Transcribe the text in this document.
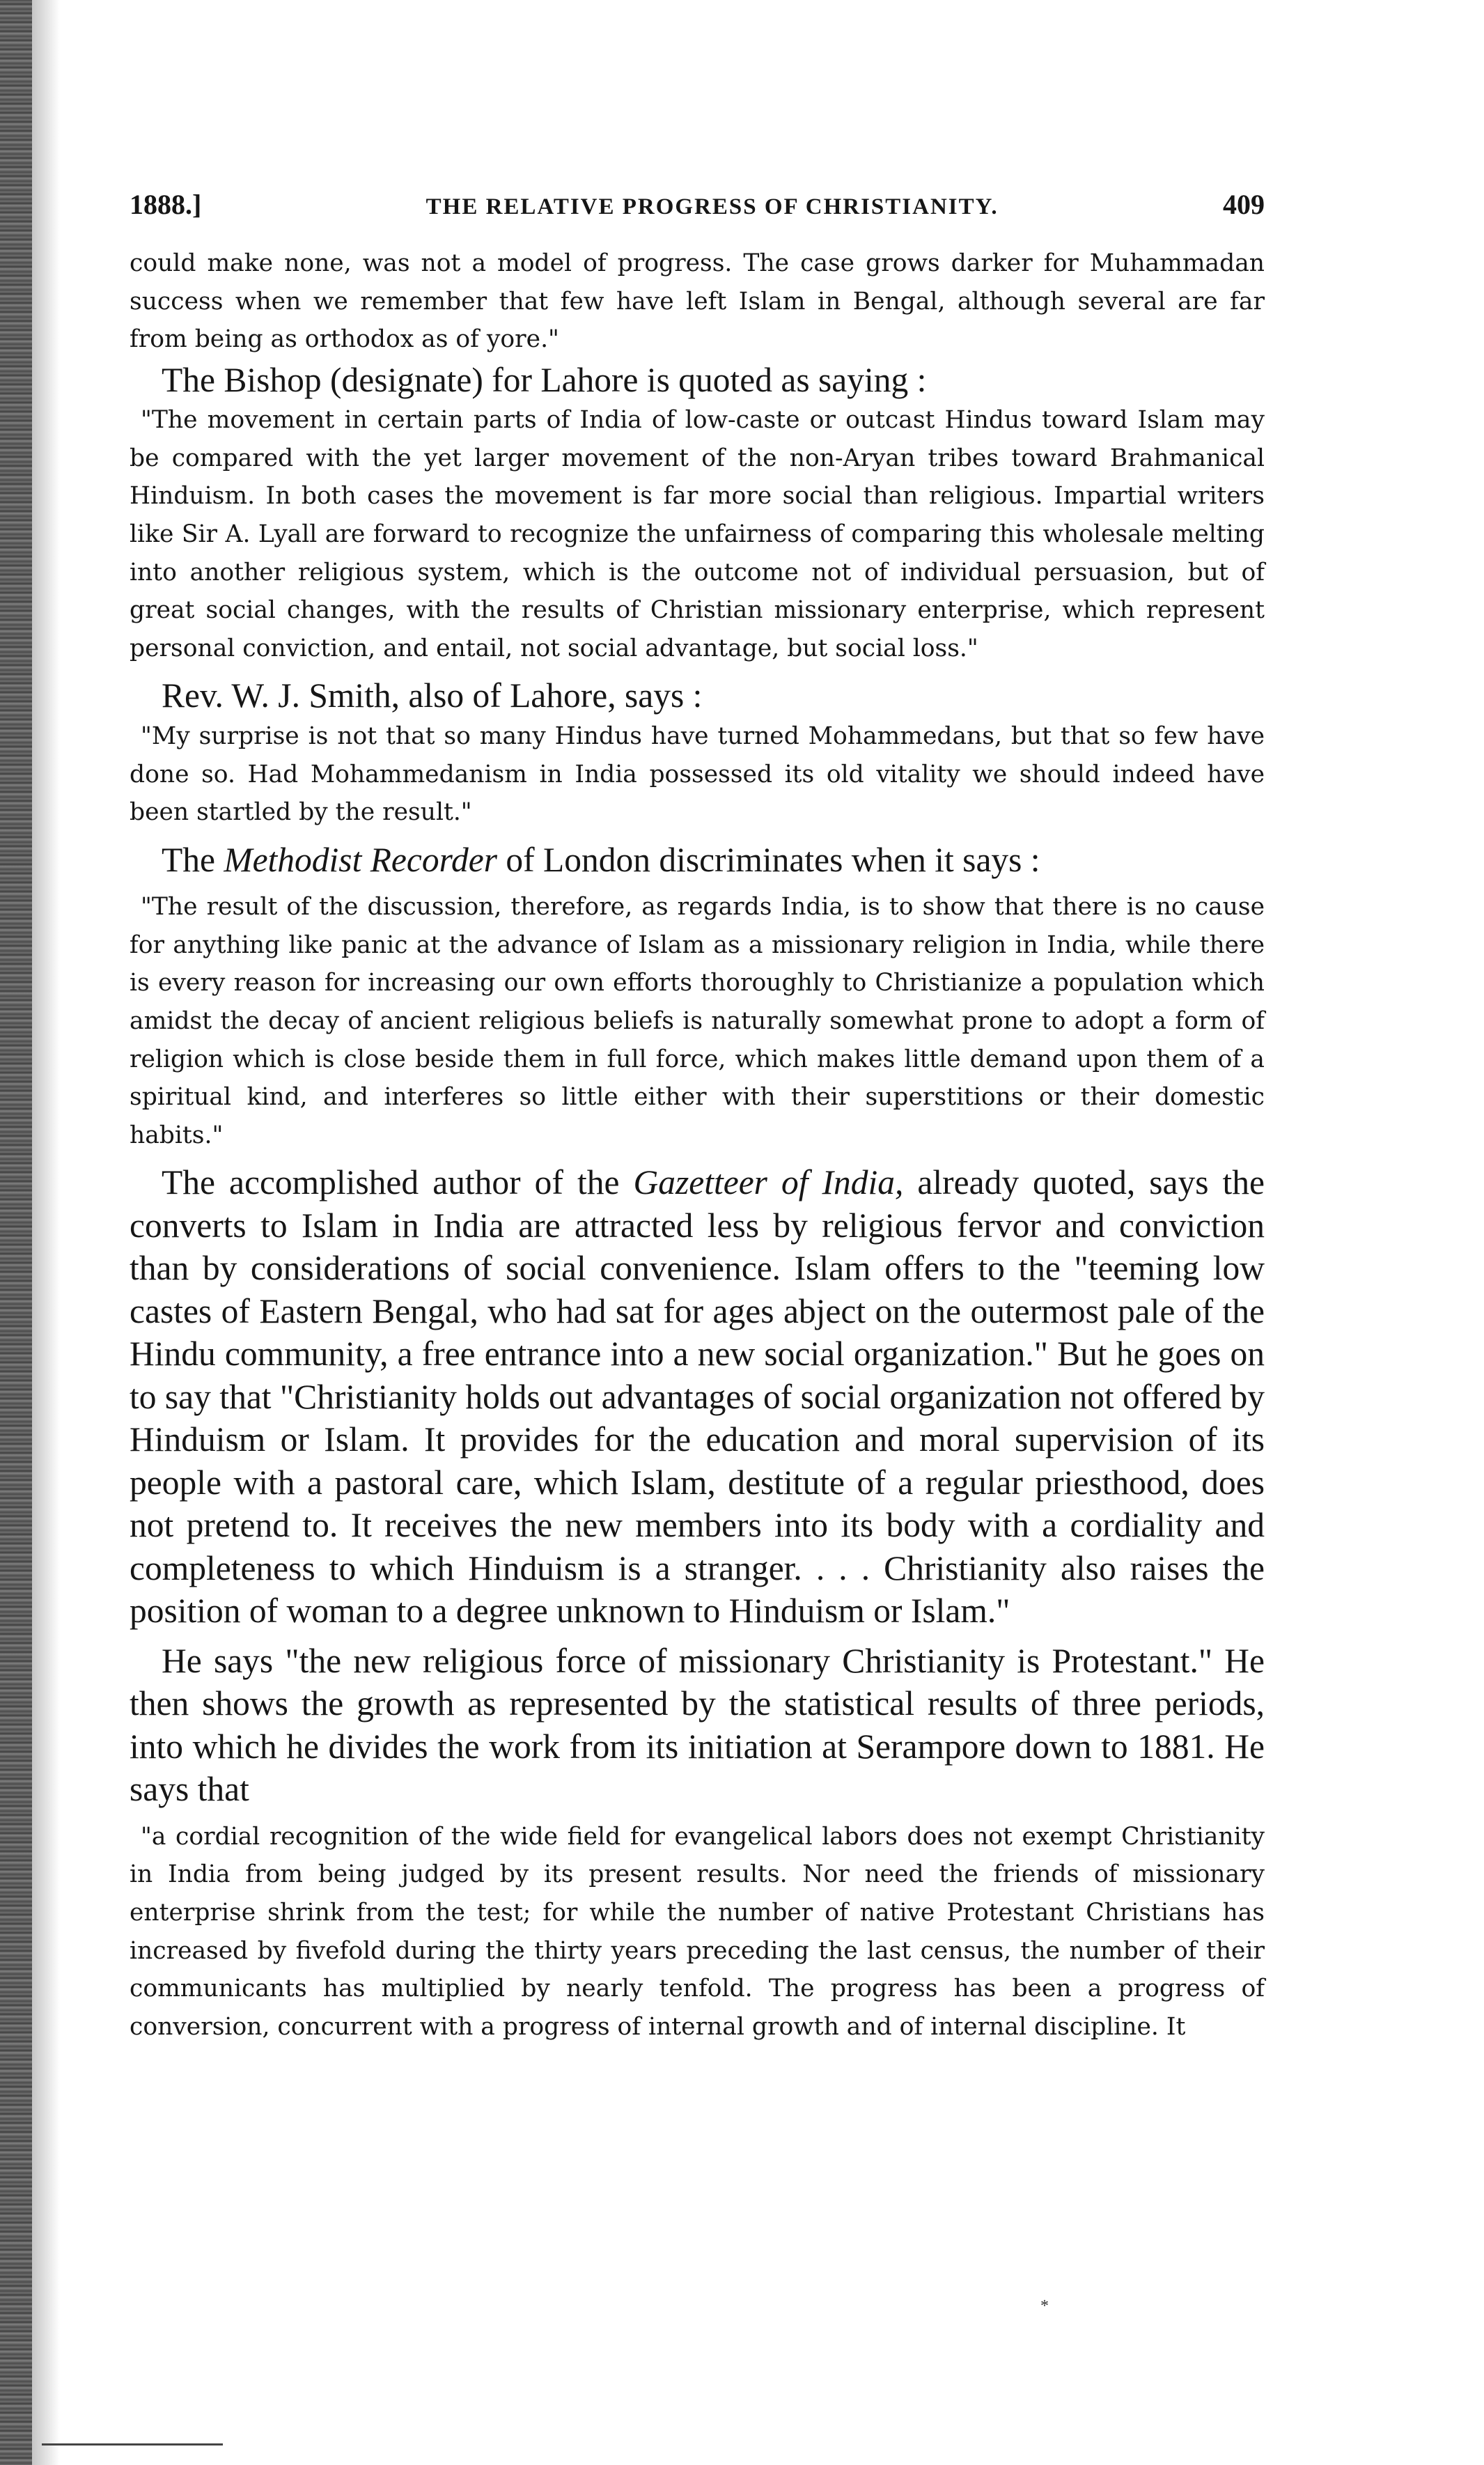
1888.]	THE RELATIVE PROGRESS OF CHRISTIANITY.	409

could make none, was not a model of progress. The case grows darker for Muhammadan success when we remember that few have left Islam in Bengal, although several are far from being as orthodox as of yore."

The Bishop (designate) for Lahore is quoted as saying :

"The movement in certain parts of India of low-caste or outcast Hindus toward Islam may be compared with the yet larger movement of the non-Aryan tribes toward Brahmanical Hinduism. In both cases the movement is far more social than religious. Impartial writers like Sir A. Lyall are forward to recognize the unfairness of comparing this wholesale melting into another religious system, which is the outcome not of individual persuasion, but of great social changes, with the results of Christian missionary enterprise, which represent personal conviction, and entail, not social advantage, but social loss."

Rev. W. J. Smith, also of Lahore, says :

"My surprise is not that so many Hindus have turned Mohammedans, but that so few have done so. Had Mohammedanism in India possessed its old vitality we should indeed have been startled by the result."

The Methodist Recorder of London discriminates when it says :

"The result of the discussion, therefore, as regards India, is to show that there is no cause for anything like panic at the advance of Islam as a missionary religion in India, while there is every reason for increasing our own efforts thoroughly to Christianize a population which amidst the decay of ancient religious beliefs is naturally somewhat prone to adopt a form of religion which is close beside them in full force, which makes little demand upon them of a spiritual kind, and interferes so little either with their superstitions or their domestic habits."

The accomplished author of the Gazetteer of India, already quoted, says the converts to Islam in India are attracted less by religious fervor and conviction than by considerations of social convenience. Islam offers to the "teeming low castes of Eastern Bengal, who had sat for ages abject on the outermost pale of the Hindu community, a free entrance into a new social organization." But he goes on to say that "Christianity holds out advantages of social organization not offered by Hinduism or Islam. It provides for the education and moral supervision of its people with a pastoral care, which Islam, destitute of a regular priesthood, does not pretend to. It receives the new members into its body with a cordiality and completeness to which Hinduism is a stranger. . . . Christianity also raises the position of woman to a degree unknown to Hinduism or Islam."

He says "the new religious force of missionary Christianity is Protestant." He then shows the growth as represented by the statistical results of three periods, into which he divides the work from its initiation at Serampore down to 1881. He says that

"a cordial recognition of the wide field for evangelical labors does not exempt Christianity in India from being judged by its present results. Nor need the friends of missionary enterprise shrink from the test; for while the number of native Protestant Christians has increased by fivefold during the thirty years preceding the last census, the number of their communicants has multiplied by nearly tenfold. The progress has been a progress of conversion, concurrent with a progress of internal growth and of internal discipline. It

*
